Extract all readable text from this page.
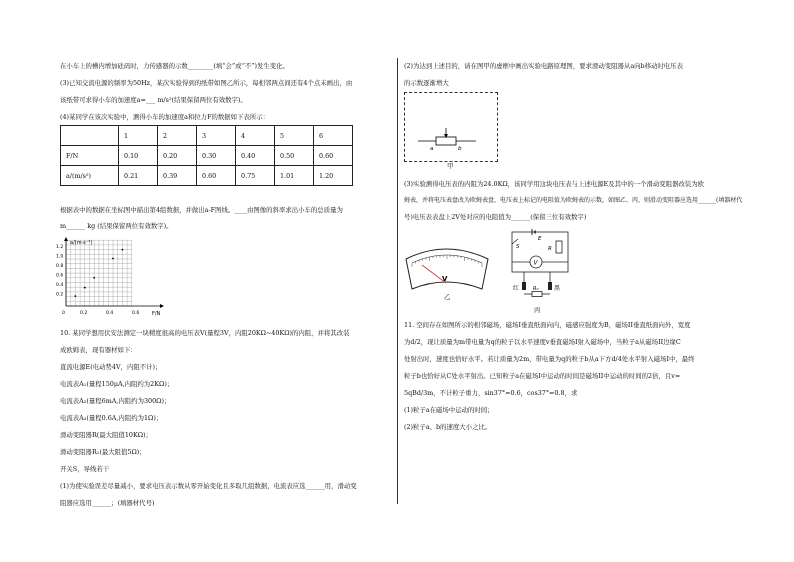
在小车上的槽内增加砝码时，力传感器的示数________(填“会”或“不”)发生变化。
(3)已知交流电源的频率为50Hz，某次实验得到的纸带如图乙所示，每相邻两点间还有4个点未画出，由
该纸带可求得小车的加速度a=___ m/s²(结果保留两位有效数字)。
(4)某同学在该次实验中，测得小车的加速度a和拉力F的数据如下表所示：
	1	2	3	4	5	6
F/N	0.10	0.20	0.30	0.40	0.50	0.60
a/(m/s²)	0.21	0.39	0.60	0.75	1.01	1.20
根据表中的数据在坐标图中描出第4组数据，并做出a-F图线。____由图像的斜率求出小车的总质量为
m______ kg (结果保留两位有效数字)。
a/(m·s⁻²)
F/N
1.2
1.0
0.8
0.6
0.4
0.2
0	0.2	0.4	0.6
10. 某同学想用伏安法测定一块精度很高的电压表V(量程3V，内阻20KΩ~40KΩ)的内阻，并将其改装
成欧姆表，现有器材如下：
直流电源E(电动势4V，内阻不计)；
电流表A₁(量程150μA,内阻约为2KΩ)；
电流表A₂(量程6mA,内阻约为300Ω)；
电流表A₃(量程0.6A,内阻约为1Ω)；
滑动变阻器R(最大阻值10KΩ)；
滑动变阻器R₁(最大阻值5Ω)；
开关S，导线若干
(1)为使实验误差尽量减小，要求电压表示数从零开始变化且多取几组数据，电流表应选______用，滑动变
阻器应选用______；(填器材代号)
(2)为达到上述目的，请在图甲的虚框中画出实验电路原理图，要求滑动变阻器从a向b移动时电压表
的示数逐渐增大
a	b
甲
(3)实验测得电压表的内阻为24.0KΩ，该同学用这块电压表与上述电源E及其中的一个滑动变阻器改装为欧
姆表，并将电压表盘改为欧姆表盘，电压表上标记的电阻值为欧姆表的示数，如图乙、丙，则滑动变阻器应选用______(填器材代
号)电压表表盘上2V处对应的电阻值为______(保留三位有效数字)
V
乙
E
S	R
V
红	黑
R₀
丙
11. 空间存在如图所示的相邻磁场，磁场I垂直纸面向内，磁感应强度为B，磁场II垂直纸面向外，宽度
为d/2，现让质量为m带电量为q的粒子以水平速度v垂直磁场I射入磁场中，当粒子a从磁场II边缘C
处射出时，速度也恰好水平。若让质量为2m，带电量为q的粒子b从a下方d/4处水平射入磁场I中，最终
粒子b也恰好从C处水平射出。已知粒子a在磁场I中运动的时间是磁场II中运动的时间的2倍，且v=
5qBd/3m，不计粒子重力，sin37°=0.6，cos37°=0.8，求
(1)粒子a在磁场中运动的时间；
(2)粒子a、b的速度大小之比。
